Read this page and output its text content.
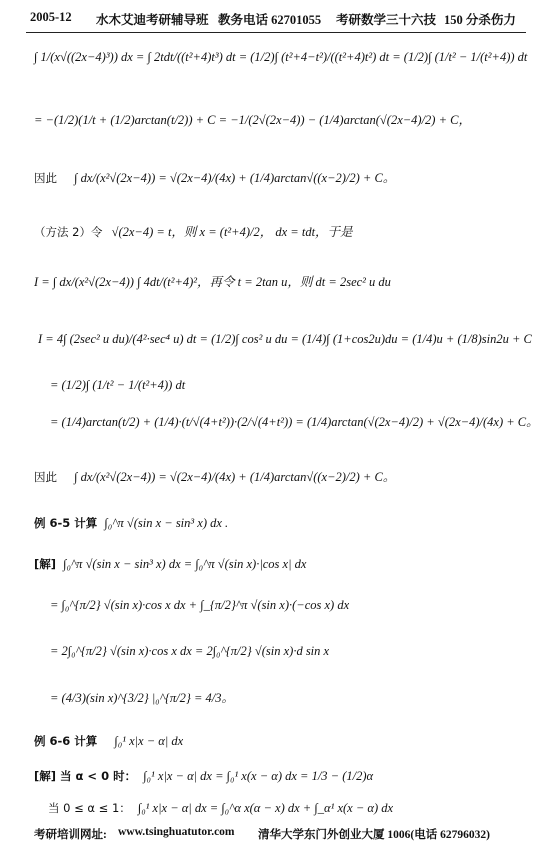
2005-12 水木艾迪考研辅导班 教务电话 62701055 考研数学三十六技 150 分杀伤力
∫ 1/(x√((2x−4)³)) dx = ∫ 2tdt/((t²+4)t³) dt = (1/2)∫ (t²+4−t²)/((t²+4)t²) dt = (1/2)∫ (1/t² − 1/(t²+4)) dt
= −(1/2)(1/t + (1/2)arctan(t/2)) + C = −1/(2√(2x−4)) − (1/4)arctan(√(2x−4)/2) + C，
因此 ∫ dx/(x²√(2x−4)) = √(2x−4)/(4x) + (1/4)arctan√((x−2)/2) + C。
（方法 2）令 √(2x−4) = t，则 x = (t²+4)/2， dx = tdt，于是
I = ∫ dx/(x²√(2x−4)) ∫ 4dt/(t²+4)²，再令 t = 2tan u，则 dt = 2sec² u du
I = 4∫ (2sec² u du)/(4²·sec⁴ u) dt = (1/2)∫ cos² u du = (1/4)∫ (1+cos2u)du = (1/4)u + (1/8)sin2u + C
= (1/2)∫ (1/t² − 1/(t²+4)) dt
= (1/4)arctan(t/2) + (1/4)·(t/√(4+t²))·(2/√(4+t²)) = (1/4)arctan(√(2x−4)/2) + √(2x−4)/(4x) + C。
因此 ∫ dx/(x²√(2x−4)) = √(2x−4)/(4x) + (1/4)arctan√((x−2)/2) + C。
例 6-5 计算 ∫₀^π √(sin x − sin³ x) dx .
[解] ∫₀^π √(sin x − sin³ x) dx = ∫₀^π √(sin x)·|cos x| dx
= ∫₀^{π/2} √(sin x)·cos x dx + ∫_{π/2}^π √(sin x)·(−cos x) dx
= 2∫₀^{π/2} √(sin x)·cos x dx = 2∫₀^{π/2} √(sin x)·d sin x
= (4/3)(sin x)^{3/2} |₀^{π/2} = 4/3。
例 6-6 计算 ∫₀¹ x|x − α| dx
[解] 当 α < 0 时： ∫₀¹ x|x − α| dx = ∫₀¹ x(x − α) dx = 1/3 − (1/2)α
当 0 ≤ α ≤ 1： ∫₀¹ x|x − α| dx = ∫₀^α x(α − x) dx + ∫_α¹ x(x − α) dx
考研培训网址: www.tsinghuatutor.com 清华大学东门外创业大厦 1006(电话 62796032)
